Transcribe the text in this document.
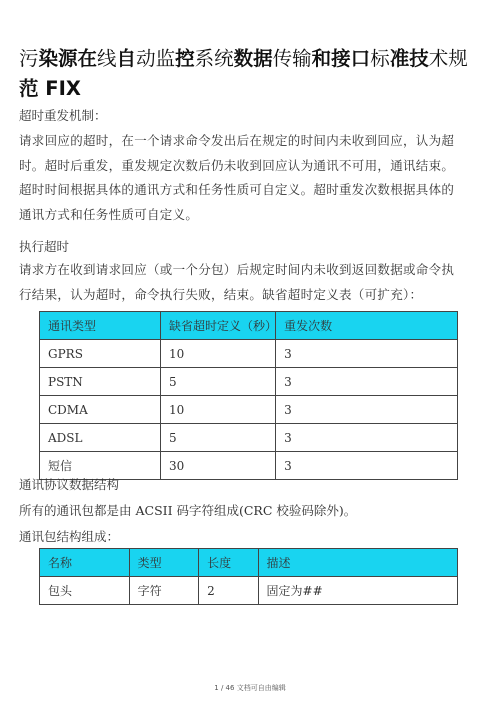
污染源在线自动监控系统数据传输和接口标准技术规范 FIX
超时重发机制：
请求回应的超时，在一个请求命令发出后在规定的时间内未收到回应，认为超
时。超时后重发，重发规定次数后仍未收到回应认为通讯不可用，通讯结束。
超时时间根据具体的通讯方式和任务性质可自定义。超时重发次数根据具体的
通讯方式和任务性质可自定义。
执行超时
请求方在收到请求回应（或一个分包）后规定时间内未收到返回数据或命令执
行结果，认为超时，命令执行失败，结束。缺省超时定义表（可扩充）：
通讯类型	缺省超时定义（秒）	重发次数
GPRS	10	3
PSTN	5	3
CDMA	10	3
ADSL	5	3
短信	30	3
通讯协议数据结构
所有的通讯包都是由 ACSII 码字符组成(CRC 校验码除外)。
通讯包结构组成：
名称	类型	长度	描述
包头	字符	2	固定为##
1 / 46 文档可自由编辑
